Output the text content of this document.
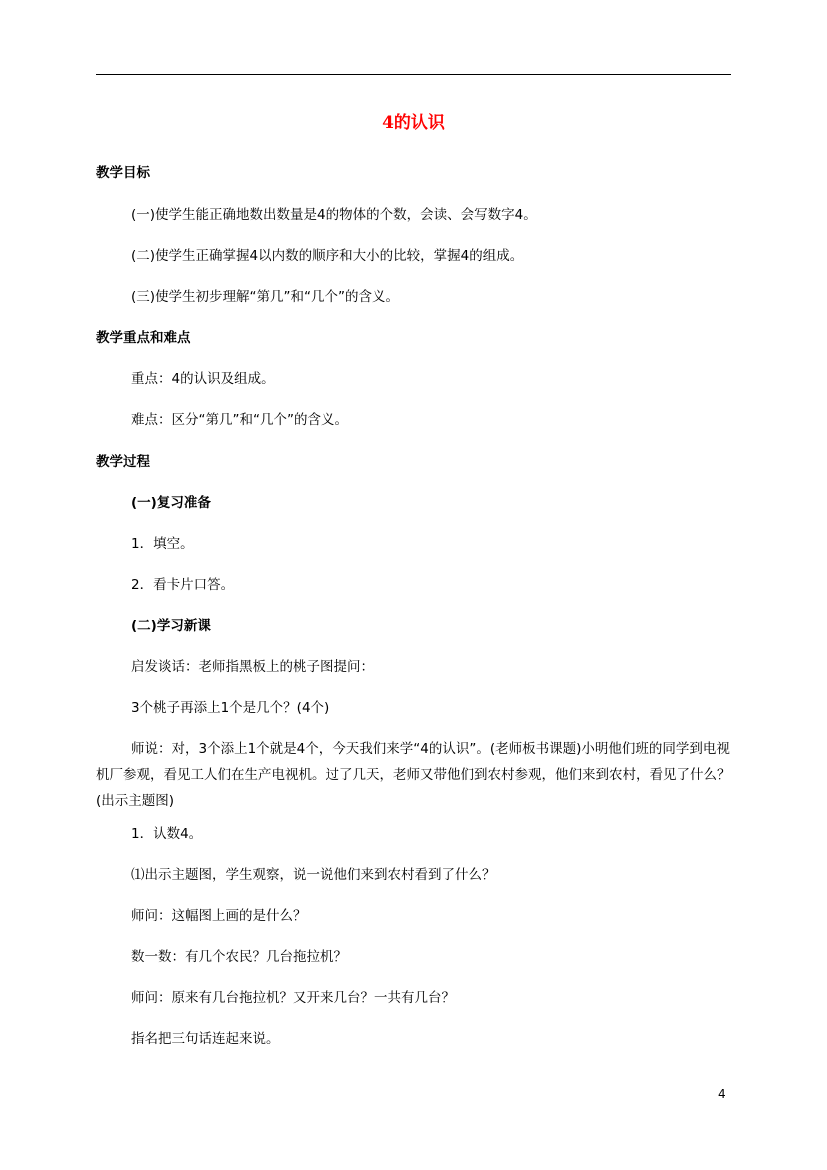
4的认识
教学目标
(一)使学生能正确地数出数量是4的物体的个数，会读、会写数字4。
(二)使学生正确掌握4以内数的顺序和大小的比较，掌握4的组成。
(三)使学生初步理解“第几”和“几个”的含义。
教学重点和难点
重点：4的认识及组成。
难点：区分“第几”和“几个”的含义。
教学过程
(一)复习准备
1．填空。
2．看卡片口答。
(二)学习新课
启发谈话：老师指黑板上的桃子图提问：
3个桃子再添上1个是几个？(4个)
师说：对，3个添上1个就是4个，今天我们来学“4的认识”。(老师板书课题)小明他们班的同学到电视机厂参观，看见工人们在生产电视机。过了几天，老师又带他们到农村参观，他们来到农村，看见了什么？(出示主题图)
1．认数4。
⑴出示主题图，学生观察，说一说他们来到农村看到了什么？
师问：这幅图上画的是什么？
数一数：有几个农民？几台拖拉机？
师问：原来有几台拖拉机？又开来几台？一共有几台？
指名把三句话连起来说。
4
